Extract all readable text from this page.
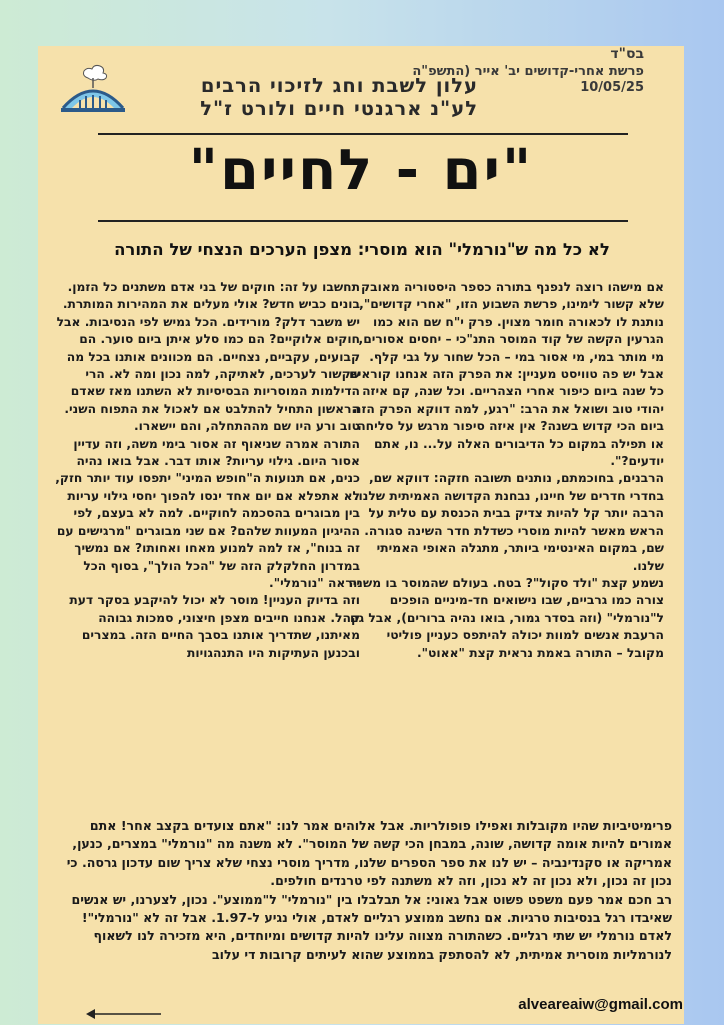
בס"ד
פרשת אחרי-קדושים יב' אייר (התשפ"ה 10/05/25
עלון לשבת וחג לזיכוי הרבים
לע"נ ארגנטי חיים ולורט ז"ל
"ים - לחיים"
לא כל מה ש"נורמלי" הוא מוסרי: מצפן הערכים הנצחי של התורה

אם מישהו רוצה לנפנף בתורה כספר היסטוריה מאובק שלא קשור לימינו, פרשת השבוע הזו, "אחרי קדושים", נותנת לו לכאורה חומר מצוין. פרק י"ח שם הוא כמו הגרעין הקשה של קוד המוסר התנ"כי – יחסים אסורים, מי מותר במי, מי אסור במי – הכל שחור על גבי קלף.

אבל יש פה טוויסט מעניין: את הפרק הזה אנחנו קוראים כל שנה ביום כיפור אחרי הצהריים. וכל שנה, קם איזה יהודי טוב ושואל את הרב: "רגע, למה דווקא הפרק הזה ביום הכי קדוש בשנה? אין איזה סיפור מרגש על סליחה או תפילה במקום כל הדיבורים האלה על... נו, אתם יודעים?".

הרבנים, בחוכמתם, נותנים תשובה חזקה: דווקא שם, בחדרי חדרים של חיינו, נבחנת הקדושה האמיתית שלנו. הרבה יותר קל להיות צדיק בבית הכנסת עם טלית על הראש מאשר להיות מוסרי כשדלת חדר השינה סגורה. שם, במקום האינטימי ביותר, מתגלה האופי האמיתי שלנו.

נשמע קצת "ולד סקול"? בטח. בעולם שהמוסר בו משנה צורה כמו גרביים, שבו נישואים חד-מיניים הופכים ל"נורמלי" (וזה בסדר גמור, בואו נהיה ברורים), אבל גם הרעבת אנשים למוות יכולה להיתפס כעניין פוליטי מקובל – התורה באמת נראית קצת "אאוט".

תחשבו על זה: חוקים של בני אדם משתנים כל הזמן. בונים כביש חדש? אולי מעלים את המהירות המותרת. יש משבר דלק? מורידים. הכל גמיש לפי הנסיבות. אבל חוקים אלוקיים? הם כמו סלע איתן ביום סוער. הם קבועים, עקביים, נצחיים. הם מכוונים אותנו בכל מה שקשור לערכים, לאתיקה, למה נכון ומה לא. הרי הדילמות המוסריות הבסיסיות לא השתנו מאז שאדם הראשון התחיל להתלבט אם לאכול את התפוח השני. טוב ורע היו שם מההתחלה, והם יישארו.

התורה אמרה שניאוף זה אסור בימי משה, וזה עדיין אסור היום. גילוי עריות? אותו דבר. אבל בואו נהיה כנים, אם תנועות ה"חופש המיני" יתפסו עוד יותר חזק, לא אתפלא אם יום אחד ינסו להפוך יחסי גילוי עריות בין מבוגרים בהסכמה לחוקיים. למה לא בעצם, לפי ההיגיון המעוות שלהם? אם שני מבוגרים "מרגישים עם זה בנוח", אז למה למנוע מאחו ואחותו? אם נמשיך במדרון החלקלק הזה של "הכל הולך", בסוף הכל ייראה "נורמלי".

וזה בדיוק העניין! מוסר לא יכול להיקבע בסקר דעת קהל. אנחנו חייבים מצפן חיצוני, סמכות גבוהה מאיתנו, שתדריך אותנו בסבך החיים הזה. במצרים ובכנען העתיקות היו התנהגויות

פרימיטיביות שהיו מקובלות ואפילו פופולריות. אבל אלוהים אמר לנו: "אתם צועדים בקצב אחר! אתם אמורים להיות אומה קדושה, שונה, במבחן הכי קשה של המוסר". לא משנה מה "נורמלי" במצרים, כנען, אמריקה או סקנדינביה – יש לנו את ספר הספרים שלנו, מדריך מוסרי נצחי שלא צריך שום עדכון גרסה. כי נכון זה נכון, ולא נכון זה לא נכון, וזה לא משתנה לפי טרנדים חולפים.
רב חכם אמר פעם משפט פשוט אבל גאוני: אל תבלבלו בין "נורמלי" ל"ממוצע". נכון, לצערנו, יש אנשים שאיבדו רגל בנסיבות טרגיות. אם נחשב ממוצע רגליים לאדם, אולי נגיע ל-1.97. אבל זה לא "נורמלי"! לאדם נורמלי יש שתי רגליים. כשהתורה מצווה עלינו להיות קדושים ומיוחדים, היא מזכירה לנו לשאוף לנורמליות מוסרית אמיתית, לא להסתפק בממוצע שהוא לעיתים קרובות די עלוב
alveareaiw@gmail.com
